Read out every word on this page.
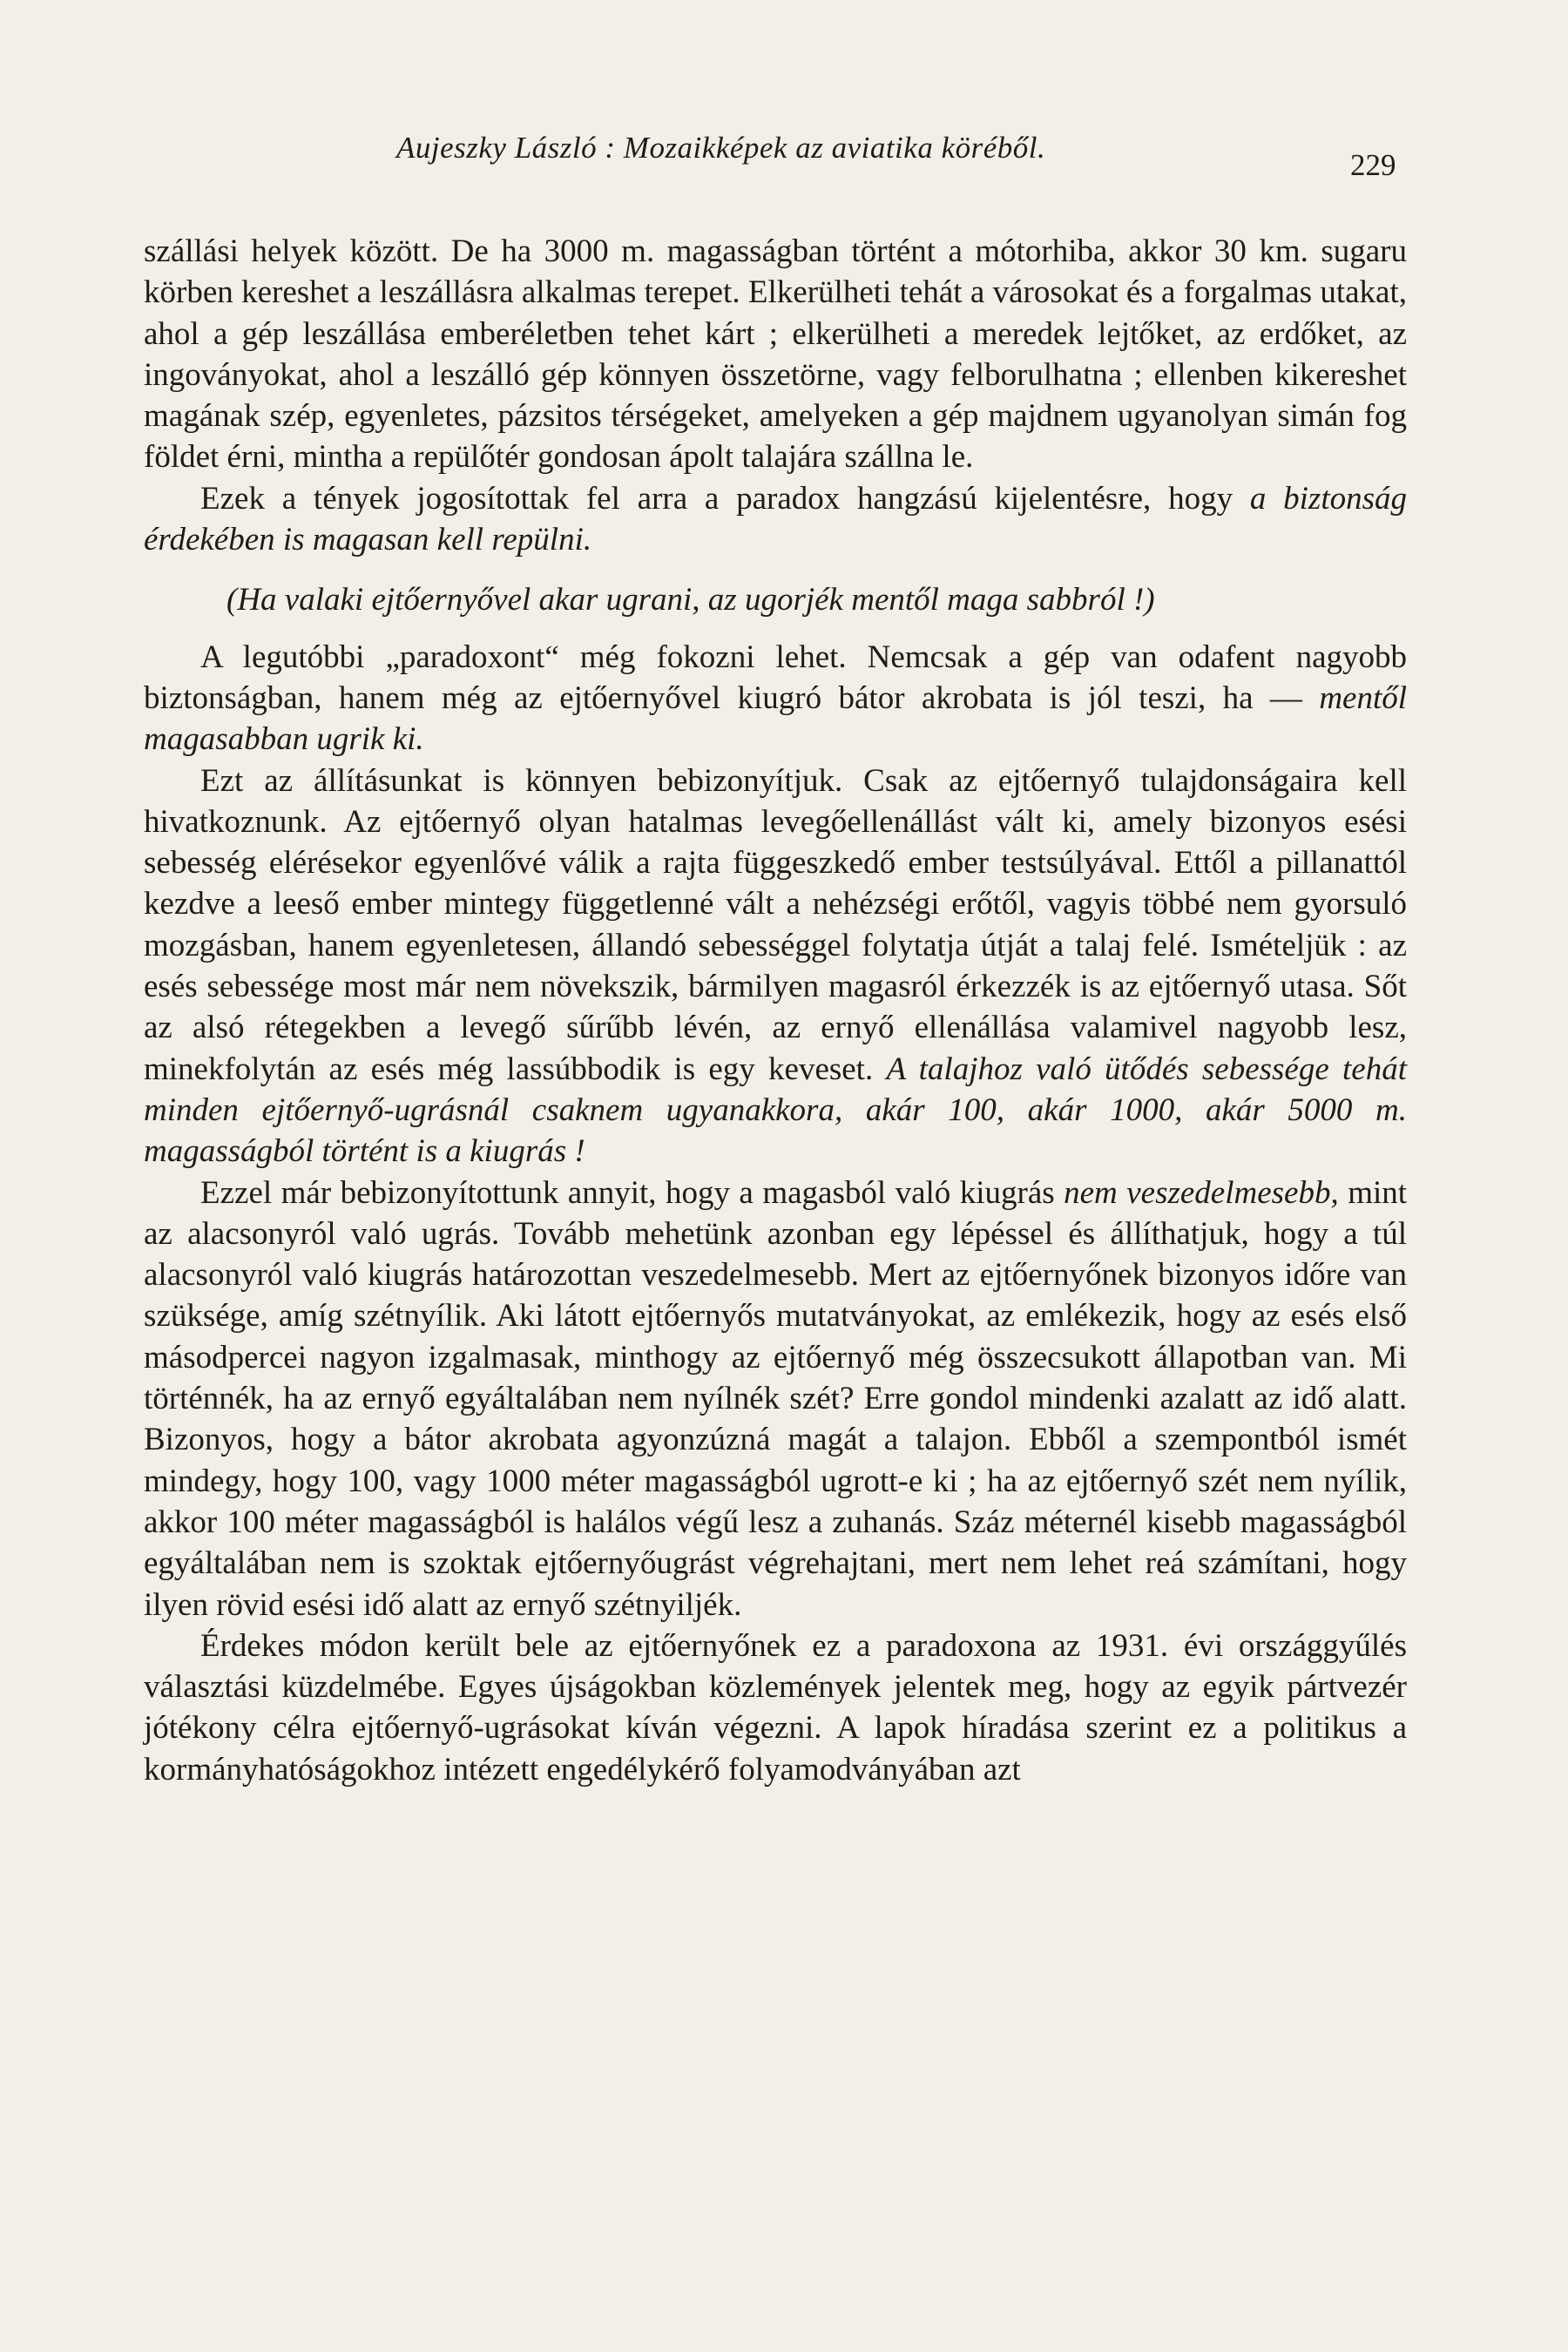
Aujeszky László : Mozaikképek az aviatika köréből.
229

szállási helyek között. De ha 3000 m. magasságban történt a mótorhiba, akkor 30 km. sugaru körben kereshet a leszállásra alkalmas terepet. Elkerülheti tehát a városokat és a forgalmas utakat, ahol a gép leszállása emberéletben tehet kárt ; elkerülheti a meredek lejtőket, az erdőket, az ingoványokat, ahol a leszálló gép könnyen összetörne, vagy felborulhatna ; ellenben kikereshet magának szép, egyenletes, pázsitos térségeket, amelyeken a gép majdnem ugyanolyan simán fog földet érni, mintha a repülőtér gondosan ápolt talajára szállna le.

Ezek a tények jogosítottak fel arra a paradox hangzású kijelentésre, hogy a biztonság érdekében is magasan kell repülni.

(Ha valaki ejtőernyővel akar ugrani, az ugorjék mentől maga sabbról !)

A legutóbbi „paradoxont“ még fokozni lehet. Nemcsak a gép van odafent nagyobb biztonságban, hanem még az ejtőernyővel kiugró bátor akrobata is jól teszi, ha — mentől magasabban ugrik ki.

Ezt az állításunkat is könnyen bebizonyítjuk. Csak az ejtőernyő tulajdonságaira kell hivatkoznunk. Az ejtőernyő olyan hatalmas levegőellenállást vált ki, amely bizonyos esési sebesség elérésekor egyenlővé válik a rajta függeszkedő ember testsúlyával. Ettől a pillanattól kezdve a leeső ember mintegy függetlenné vált a nehézségi erőtől, vagyis többé nem gyorsuló mozgásban, hanem egyenletesen, állandó sebességgel folytatja útját a talaj felé. Ismételjük : az esés sebessége most már nem növekszik, bármilyen magasról érkezzék is az ejtőernyő utasa. Sőt az alsó rétegekben a levegő sűrűbb lévén, az ernyő ellenállása valamivel nagyobb lesz, minekfolytán az esés még lassúbbodik is egy keveset. A talajhoz való ütődés sebessége tehát minden ejtőernyő-ugrásnál csaknem ugyanakkora, akár 100, akár 1000, akár 5000 m. magasságból történt is a kiugrás !

Ezzel már bebizonyítottunk annyit, hogy a magasból való kiugrás nem veszedelmesebb, mint az alacsonyról való ugrás. Tovább mehetünk azonban egy lépéssel és állíthatjuk, hogy a túl alacsonyról való kiugrás határozottan veszedelmesebb. Mert az ejtőernyőnek bizonyos időre van szüksége, amíg szétnyílik. Aki látott ejtőernyős mutatványokat, az emlékezik, hogy az esés első másodpercei nagyon izgalmasak, minthogy az ejtőernyő még összecsukott állapotban van. Mi történnék, ha az ernyő egyáltalában nem nyílnék szét? Erre gondol mindenki azalatt az idő alatt. Bizonyos, hogy a bátor akrobata agyonzúzná magát a talajon. Ebből a szempontból ismét mindegy, hogy 100, vagy 1000 méter magasságból ugrott-e ki ; ha az ejtőernyő szét nem nyílik, akkor 100 méter magasságból is halálos végű lesz a zuhanás. Száz méternél kisebb magasságból egyáltalában nem is szoktak ejtőernyőugrást végrehajtani, mert nem lehet reá számítani, hogy ilyen rövid esési idő alatt az ernyő szétnyiljék.

Érdekes módon került bele az ejtőernyőnek ez a paradoxona az 1931. évi országgyűlés választási küzdelmébe. Egyes újságokban közlemények jelentek meg, hogy az egyik pártvezér jótékony célra ejtőernyő-ugrásokat kíván végezni. A lapok híradása szerint ez a politikus a kormányhatóságokhoz intézett engedélykérő folyamodványában azt
